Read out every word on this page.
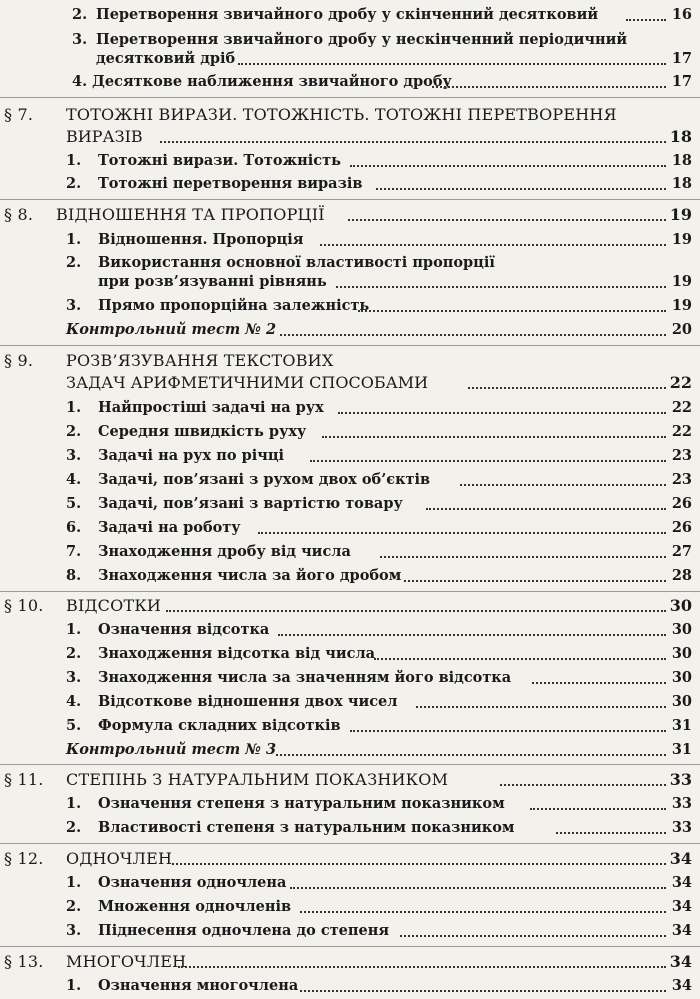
2. Перетворення звичайного дробу у скінченний десятковий	16
3. Перетворення звичайного дробу у нескінченний періодичний
десятковий дріб	17
4. Десяткове наближення звичайного дробу	17
§ 7. ТОТОЖНІ ВИРАЗИ. ТОТОЖНІСТЬ. ТОТОЖНІ ПЕРЕТВОРЕННЯ
ВИРАЗІВ	18
1. Тотожні вирази. Тотожність	18
2. Тотожні перетворення виразів	18
§ 8. ВІДНОШЕННЯ ТА ПРОПОРЦІЇ	19
1. Відношення. Пропорція	19
2. Використання основної властивості пропорції
при розв’язуванні рівнянь	19
3. Прямо пропорційна залежність	19
Контрольний тест № 2	20
§ 9. РОЗВ’ЯЗУВАННЯ ТЕКСТОВИХ
ЗАДАЧ АРИФМЕТИЧНИМИ СПОСОБАМИ	22
1. Найпростіші задачі на рух	22
2. Середня швидкість руху	22
3. Задачі на рух по річці	23
4. Задачі, пов’язані з рухом двох об’єктів	23
5. Задачі, пов’язані з вартістю товару	26
6. Задачі на роботу	26
7. Знаходження дробу від числа	27
8. Знаходження числа за його дробом	28
§ 10. ВІДСОТКИ	30
1. Означення відсотка	30
2. Знаходження відсотка від числа	30
3. Знаходження числа за значенням його відсотка	30
4. Відсоткове відношення двох чисел	30
5. Формула складних відсотків	31
Контрольний тест № 3	31
§ 11. СТЕПІНЬ З НАТУРАЛЬНИМ ПОКАЗНИКОМ	33
1. Означення степеня з натуральним показником	33
2. Властивості степеня з натуральним показником	33
§ 12. ОДНОЧЛЕН	34
1. Означення одночлена	34
2. Множення одночленів	34
3. Піднесення одночлена до степеня	34
§ 13. МНОГОЧЛЕН	34
1. Означення многочлена	34
